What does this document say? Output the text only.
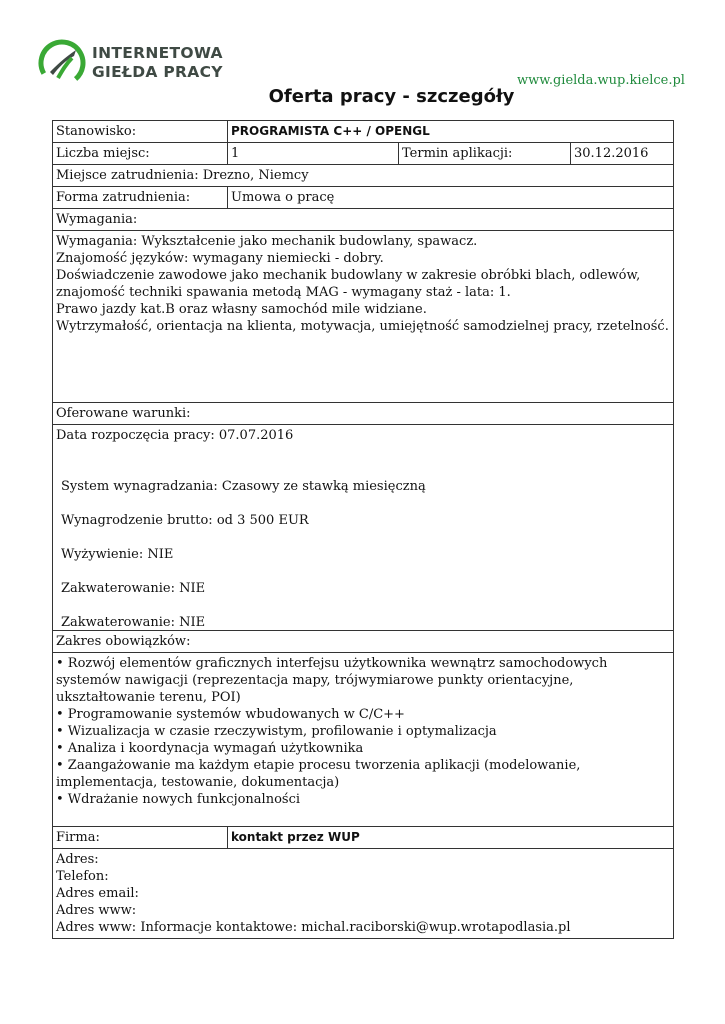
INTERNETOWA
GIEŁDA PRACY	www.gielda.wup.kielce.pl
Oferta pracy - szczegóły
Stanowisko:	PROGRAMISTA C++ / OPENGL
Liczba miejsc:	1	Termin aplikacji:	30.12.2016
Miejsce zatrudnienia: Drezno, Niemcy
Forma zatrudnienia:	Umowa o pracę
Wymagania:

Wymagania: Wykształcenie jako mechanik budowlany, spawacz.

Znajomość języków: wymagany niemiecki - dobry.

Doświadczenie zawodowe jako mechanik budowlany w zakresie obróbki blach, odlewów, znajomość techniki spawania metodą MAG - wymagany staż - lata: 1.

Prawo jazdy kat.B oraz własny samochód mile widziane.

Wytrzymałość, orientacja na klienta, motywacja, umiejętność samodzielnej pracy, rzetelność.

Oferowane warunki:

Data rozpoczęcia pracy: 07.07.2016

System wynagradzania: Czasowy ze stawką miesięczną

Wynagrodzenie brutto: od 3 500 EUR

Wyżywienie: NIE

Zakwaterowanie: NIE

Zakwaterowanie: NIE

Zakres obowiązków:

• Rozwój elementów graficznych interfejsu użytkownika wewnątrz samochodowych systemów nawigacji (reprezentacja mapy, trójwymiarowe punkty orientacyjne, ukształtowanie terenu, POI)

• Programowanie systemów wbudowanych w C/C++

• Wizualizacja w czasie rzeczywistym, profilowanie i optymalizacja

• Analiza i koordynacja wymagań użytkownika

• Zaangażowanie ma każdym etapie procesu tworzenia aplikacji (modelowanie, implementacja, testowanie, dokumentacja)

• Wdrażanie nowych funkcjonalności

Firma:	kontakt przez WUP

Adres:

Telefon:

Adres email:

Adres www:

Adres www: Informacje kontaktowe: michal.raciborski@wup.wrotapodlasia.pl
